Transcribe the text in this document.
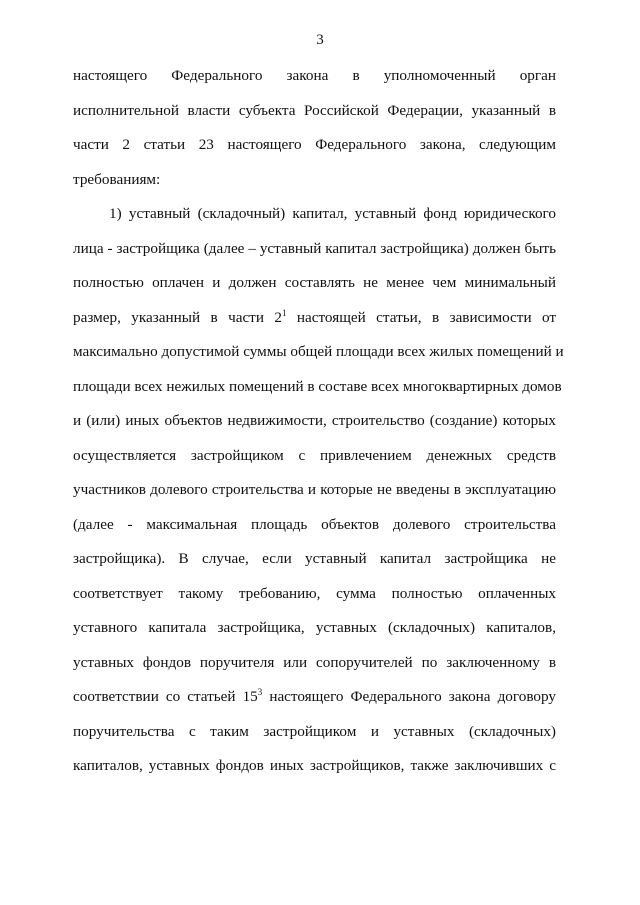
3
настоящего Федерального закона в уполномоченный орган
исполнительной власти субъекта Российской Федерации, указанный в
части 2 статьи 23 настоящего Федерального закона, следующим
требованиям:
1) уставный (складочный) капитал, уставный фонд юридического
лица - застройщика (далее – уставный капитал застройщика) должен быть
полностью оплачен и должен составлять не менее чем минимальный
размер, указанный в части $2^1$ настоящей статьи, в зависимости от
максимально допустимой суммы общей площади всех жилых помещений и
площади всех нежилых помещений в составе всех многоквартирных домов
и (или) иных объектов недвижимости, строительство (создание) которых
осуществляется застройщиком с привлечением денежных средств
участников долевого строительства и которые не введены в эксплуатацию
(далее - максимальная площадь объектов долевого строительства
застройщика). В случае, если уставный капитал застройщика не
соответствует такому требованию, сумма полностью оплаченных
уставного капитала застройщика, уставных (складочных) капиталов,
уставных фондов поручителя или сопоручителей по заключенному в
соответствии со статьей $15^3$ настоящего Федерального закона договору
поручительства с таким застройщиком и уставных (складочных)
капиталов, уставных фондов иных застройщиков, также заключивших с
